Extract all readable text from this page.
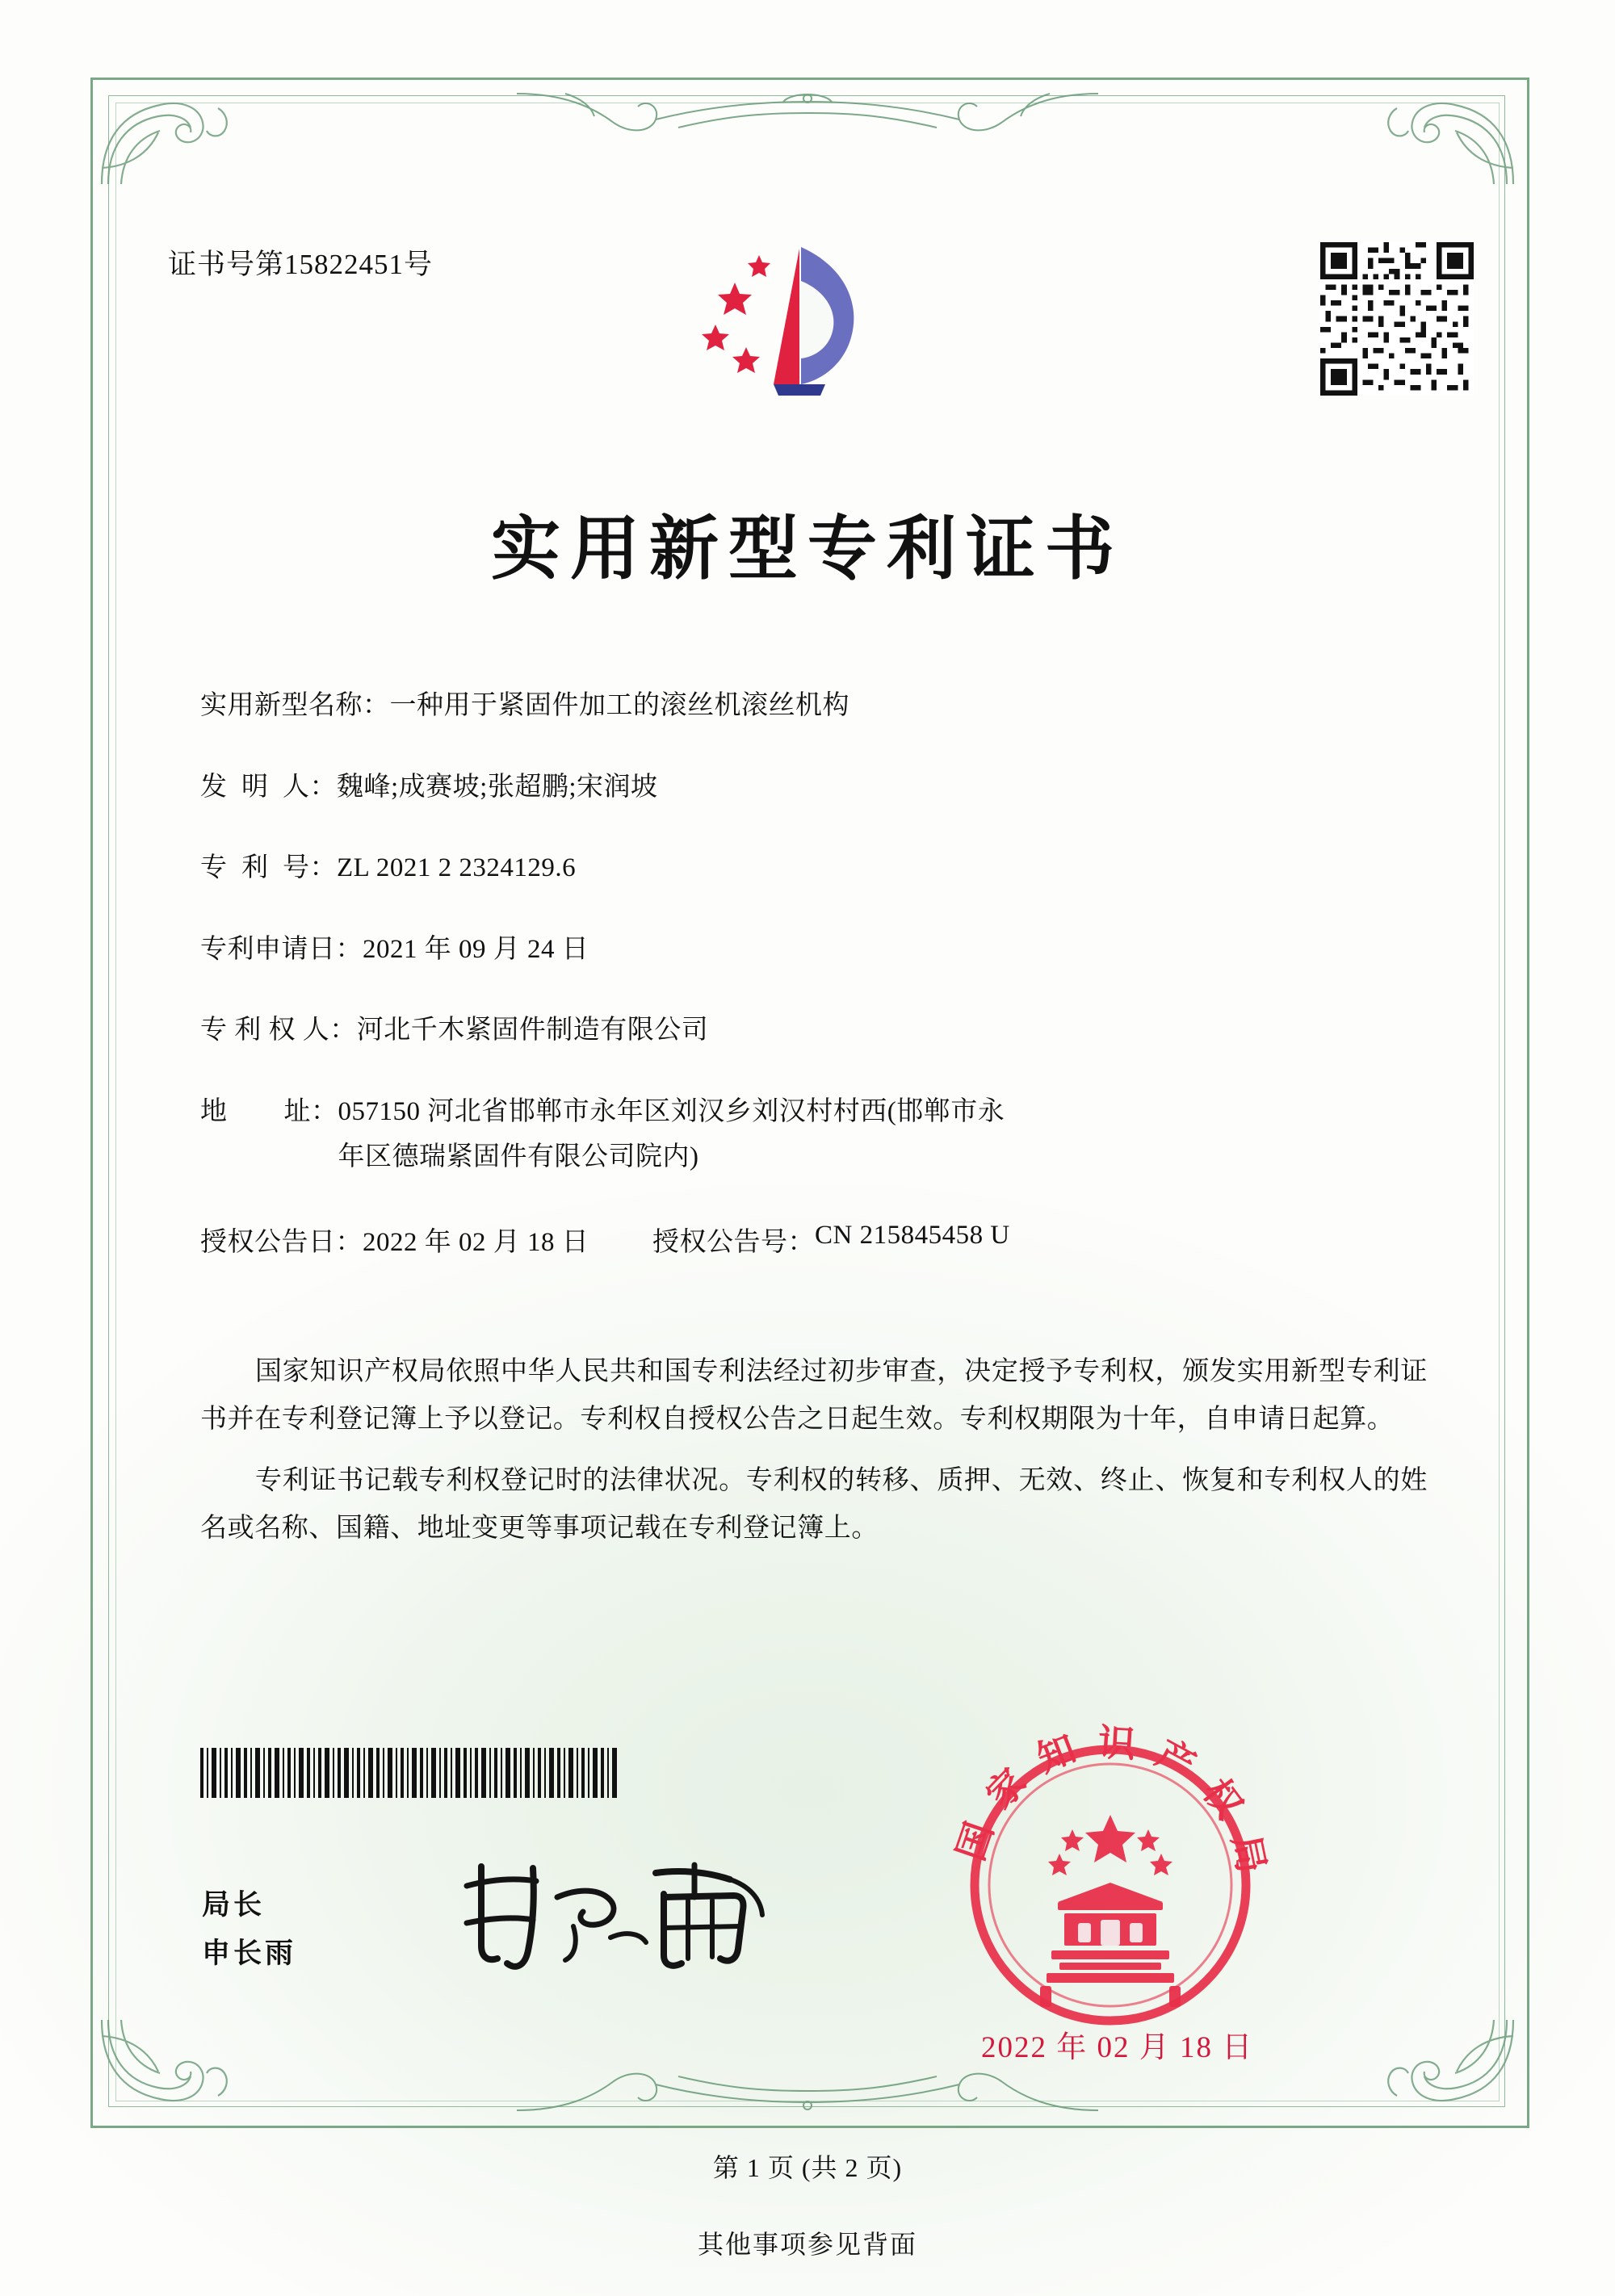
证书号第15822451号
实用新型专利证书
实用新型名称： 一种用于紧固件加工的滚丝机滚丝机构
发  明  人： 魏峰;成赛坡;张超鹏;宋润坡
专  利  号： ZL 2021 2 2324129.6
专利申请日： 2021 年 09 月 24 日
专 利 权 人： 河北千木紧固件制造有限公司
地        址： 057150 河北省邯郸市永年区刘汉乡刘汉村村西(邯郸市永
年区德瑞紧固件有限公司院内)
授权公告日： 2022 年 02 月 18 日	授权公告号： CN 215845458 U

国家知识产权局依照中华人民共和国专利法经过初步审查，决定授予专利权，颁发实用新型专利证书并在专利登记簿上予以登记。专利权自授权公告之日起生效。专利权期限为十年，自申请日起算。

专利证书记载专利权登记时的法律状况。专利权的转移、质押、无效、终止、恢复和专利权人的姓名或名称、国籍、地址变更等事项记载在专利登记簿上。

局长
申长雨
国 家 知 识 产 权 局
2022 年 02 月 18 日
第 1 页 (共 2 页)
其他事项参见背面
